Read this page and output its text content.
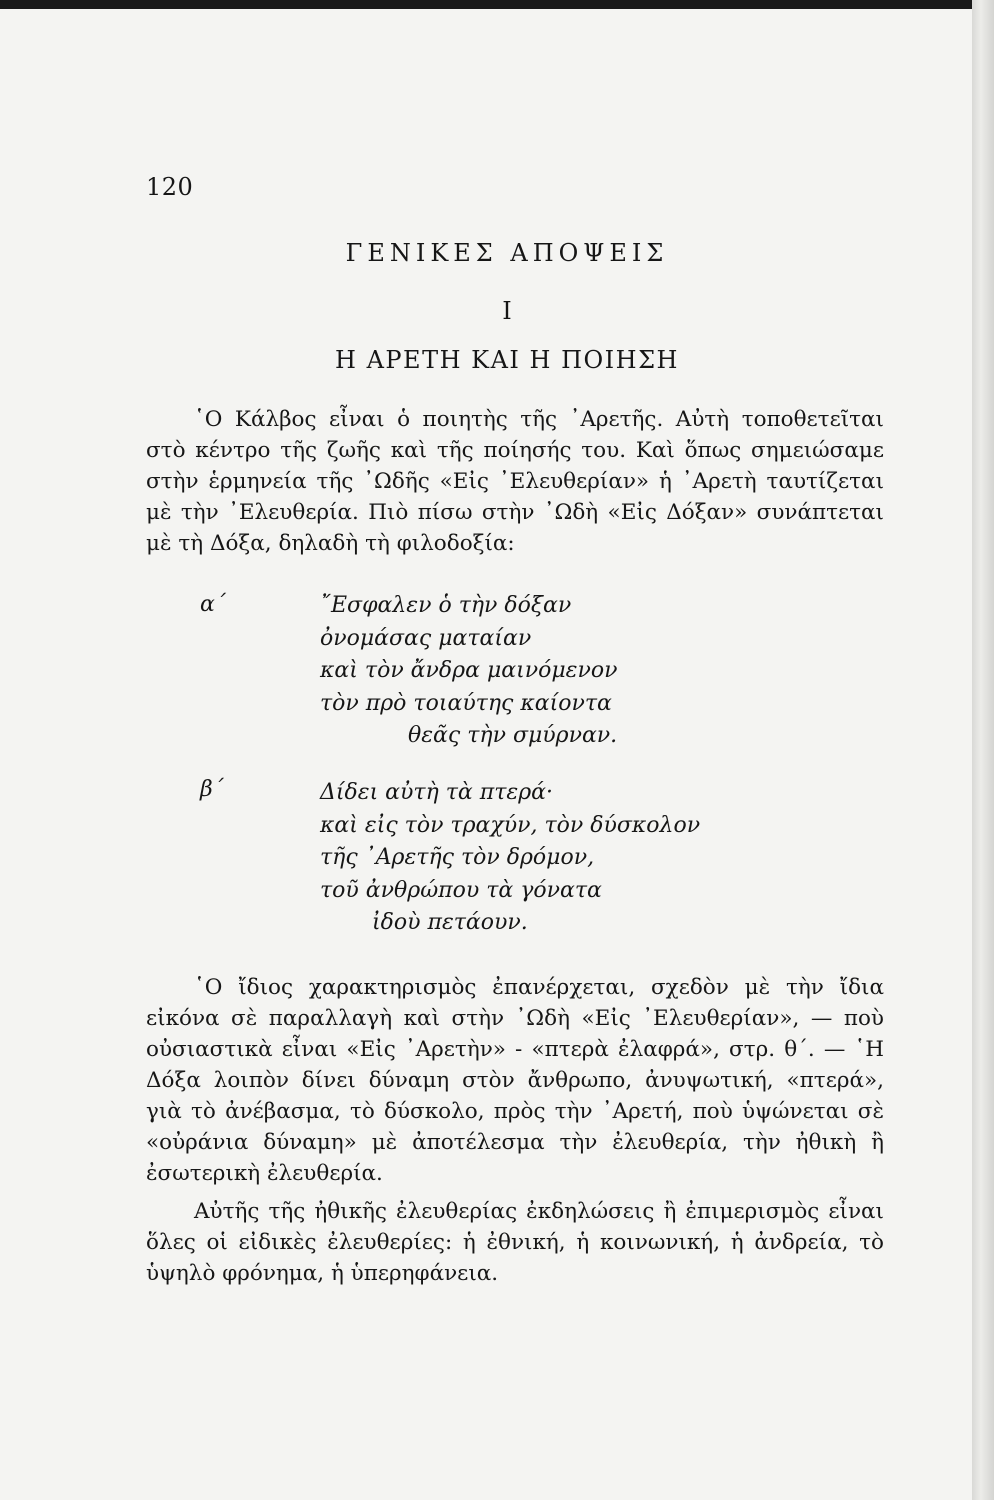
120
ΓΕΝΙΚΕΣ ΑΠΟΨΕΙΣ
I
Η ΑΡΕΤΗ ΚΑΙ Η ΠΟΙΗΣΗ

῾Ο Κάλβος εἶναι ὁ ποιητὴς τῆς ᾿Αρετῆς. Αὐτὴ τοποθετεῖται στὸ κέντρο τῆς ζωῆς καὶ τῆς ποίησής του. Καὶ ὅπως σημειώσαμε στὴν ἑρμηνεία τῆς ᾿Ωδῆς «Εἰς ᾿Ελευθερίαν» ἡ ᾿Αρετὴ ταυτίζεται μὲ τὴν ᾿Ελευθερία. Πιὸ πίσω στὴν ᾿Ωδὴ «Εἰς Δόξαν» συνάπτεται μὲ τὴ Δόξα, δηλαδὴ τὴ φιλοδοξία:

α΄	῎Εσφαλεν ὁ τὴν δόξαν
ὀνομάσας ματαίαν
καὶ τὸν ἄνδρα μαινόμενον
τὸν πρὸ τοιαύτης καίοντα
θεᾶς τὴν σμύρναν.
β΄	Δίδει αὐτὴ τὰ πτερά·
καὶ εἰς τὸν τραχύν, τὸν δύσκολον
τῆς ᾿Αρετῆς τὸν δρόμον,
τοῦ ἀνθρώπου τὰ γόνατα
ἰδοὺ πετάουν.

῾Ο ἴδιος χαρακτηρισμὸς ἐπανέρχεται, σχεδὸν μὲ τὴν ἴδια εἰκόνα σὲ παραλλαγὴ καὶ στὴν ᾿Ωδὴ «Εἰς ᾿Ελευθερίαν», — ποὺ οὐσιαστικὰ εἶναι «Εἰς ᾿Αρετὴν» - «πτερὰ ἐλαφρά», στρ. θ΄. — ῾Η Δόξα λοιπὸν δίνει δύναμη στὸν ἄνθρωπο, ἀνυψωτική, «πτερά», γιὰ τὸ ἀνέβασμα, τὸ δύσκολο, πρὸς τὴν ᾿Αρετή, ποὺ ὑψώνεται σὲ «οὐράνια δύναμη» μὲ ἀποτέλεσμα τὴν ἐλευθερία, τὴν ἠθικὴ ἢ ἐσωτερικὴ ἐλευθερία.

Αὐτῆς τῆς ἠθικῆς ἐλευθερίας ἐκδηλώσεις ἢ ἐπιμερισμὸς εἶναι ὅλες οἱ εἰδικὲς ἐλευθερίες: ἡ ἐθνική, ἡ κοινωνική, ἡ ἀνδρεία, τὸ ὑψηλὸ φρόνημα, ἡ ὑπερηφάνεια.
